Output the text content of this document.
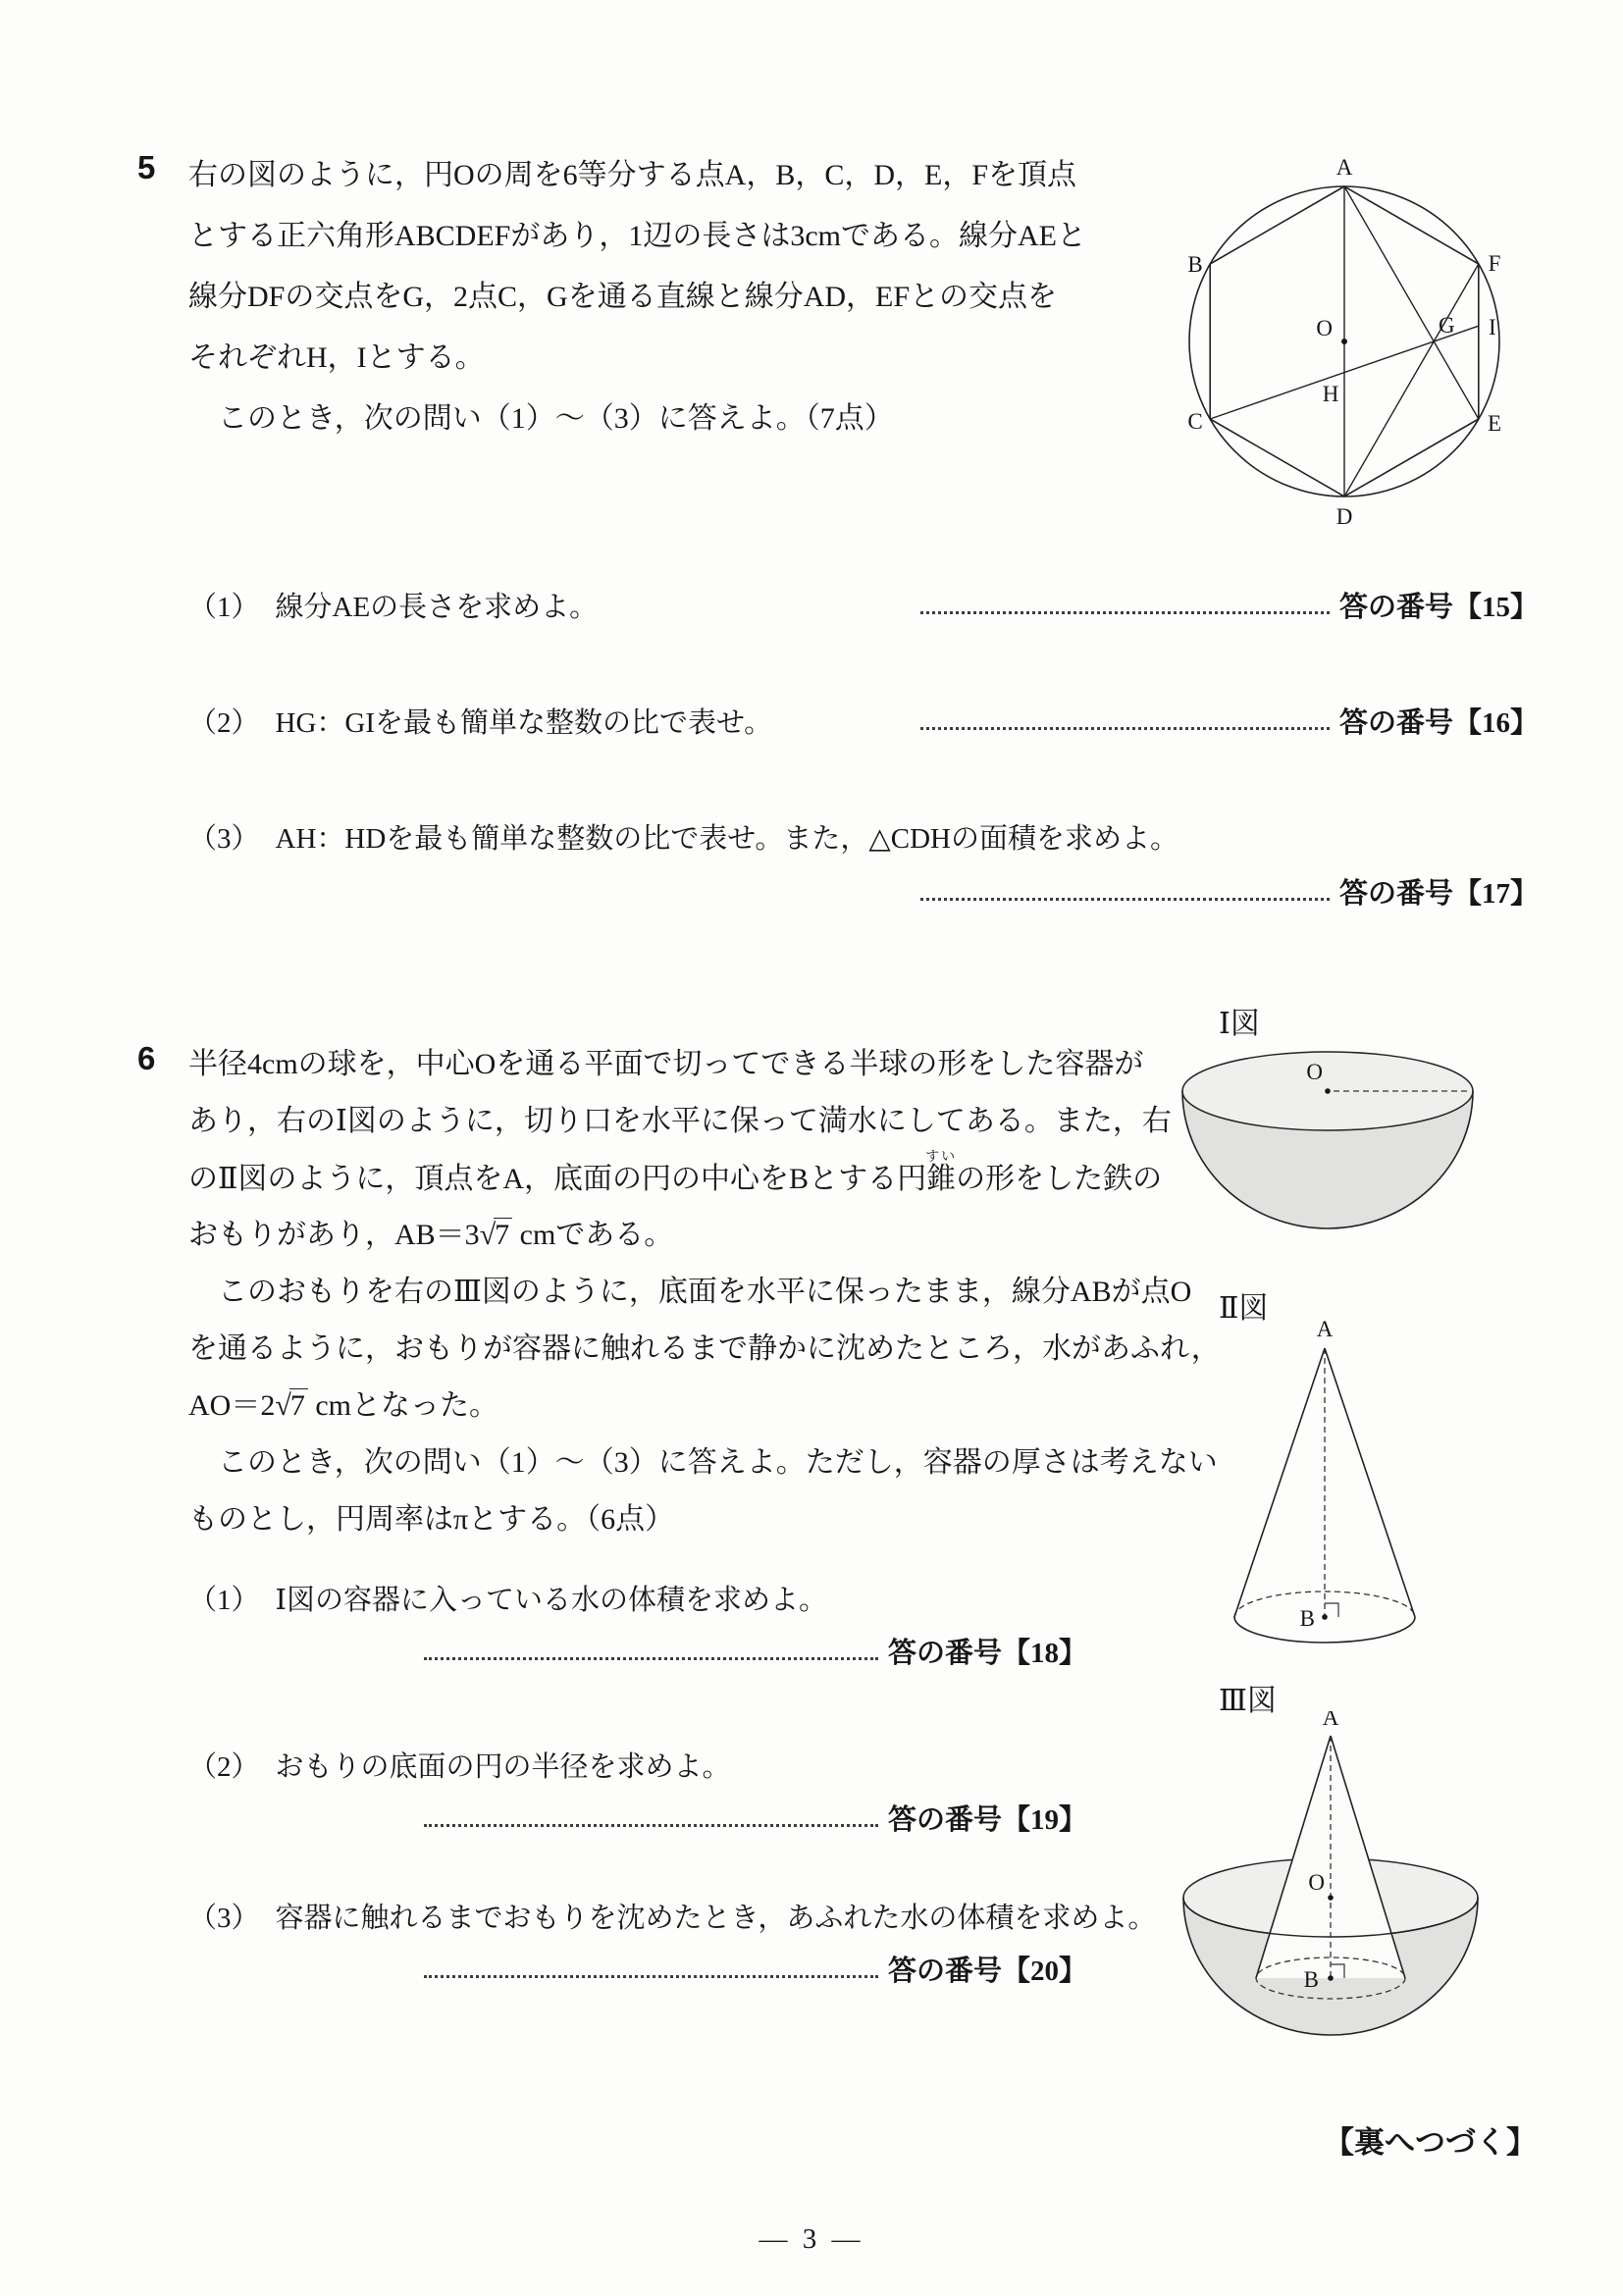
5 右の図のように，円Oの周を6等分する点A，B，C，D，E，Fを頂点
とする正六角形ABCDEFがあり，1辺の長さは3cmである。線分AEと
線分DFの交点をG，2点C，Gを通る直線と線分AD，EFとの交点を
それぞれH，Iとする。
　このとき，次の問い（1）～（3）に答えよ。（7点）
A
B
C
D
E
F
O	G
H
I
（1） 線分AEの長さを求めよ。	答の番号【15】
（2） HG：GIを最も簡単な整数の比で表せ。	答の番号【16】
（3） AH：HDを最も簡単な整数の比で表せ。また，△CDHの面積を求めよ。
答の番号【17】
6 半径4cmの球を，中心Oを通る平面で切ってできる半球の形をした容器が
あり，右のⅠ図のように，切り口を水平に保って満水にしてある。また，右
のⅡ図のように，頂点をA，底面の円の中心をBとする円錐すいの形をした鉄の
おもりがあり，AB＝3√7 cmである。
　このおもりを右のⅢ図のように，底面を水平に保ったまま，線分ABが点O
を通るように，おもりが容器に触れるまで静かに沈めたところ，水があふれ，
AO＝2√7 cmとなった。
　このとき，次の問い（1）～（3）に答えよ。ただし，容器の厚さは考えない
ものとし，円周率はπとする。（6点）
（1） Ⅰ図の容器に入っている水の体積を求めよ。
答の番号【18】
（2） おもりの底面の円の半径を求めよ。
答の番号【19】
（3） 容器に触れるまでおもりを沈めたとき，あふれた水の体積を求めよ。
答の番号【20】
Ⅰ図
O
Ⅱ図
A
B
Ⅲ図
A
O
B
【裏へつづく】
— 3 —
